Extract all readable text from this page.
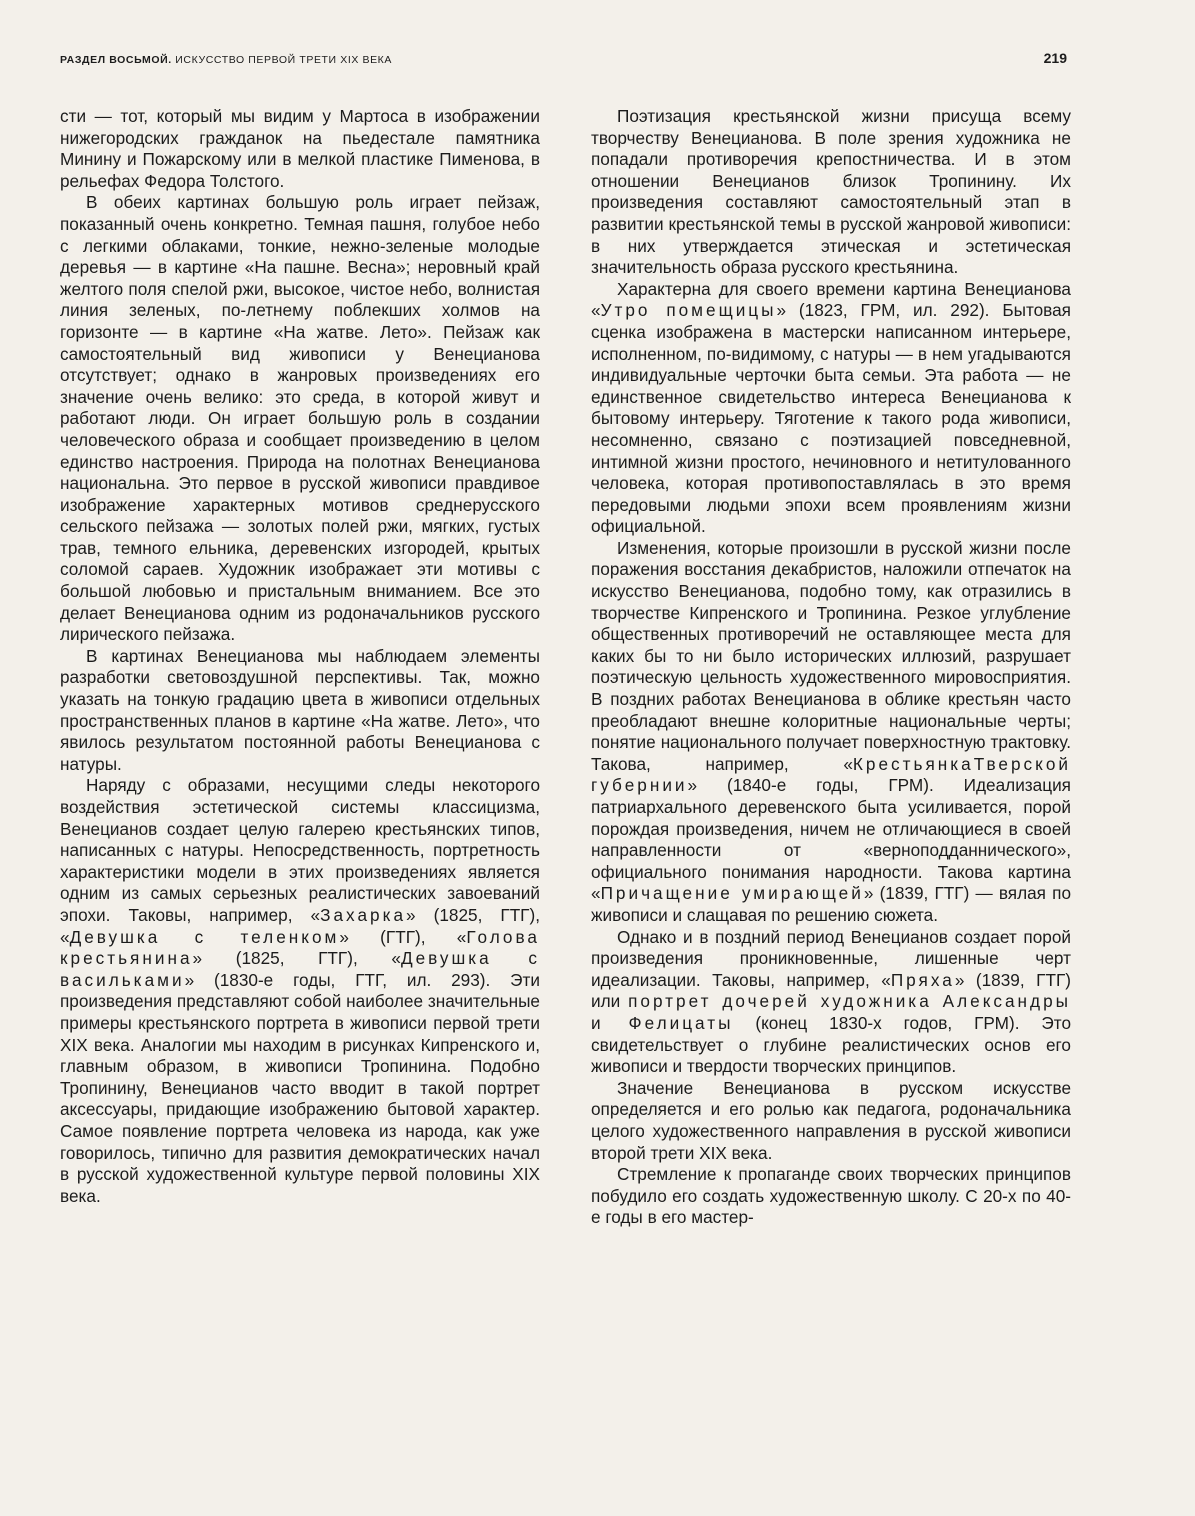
РАЗДЕЛ ВОСЬМОЙ. ИСКУССТВО ПЕРВОЙ ТРЕТИ XIX ВЕКА	219

сти — тот, который мы видим у Мартоса в изображении нижегородских гражданок на пьедестале памятника Минину и Пожарскому или в мелкой пластике Пименова, в рельефах Федора Толстого.

В обеих картинах большую роль играет пейзаж, показанный очень конкретно. Темная пашня, голубое небо с легкими облаками, тонкие, нежно-зеленые молодые деревья — в картине «На пашне. Весна»; неровный край желтого поля спелой ржи, высокое, чистое небо, волнистая линия зеленых, по-летнему поблекших холмов на горизонте — в картине «На жатве. Лето». Пейзаж как самостоятельный вид живописи у Венецианова отсутствует; однако в жанровых произведениях его значение очень велико: это среда, в которой живут и работают люди. Он играет большую роль в создании человеческого образа и сообщает произведению в целом единство настроения. Природа на полотнах Венецианова национальна. Это первое в русской живописи правдивое изображение характерных мотивов среднерусского сельского пейзажа — золотых полей ржи, мягких, густых трав, темного ельника, деревенских изгородей, крытых соломой сараев. Художник изображает эти мотивы с большой любовью и пристальным вниманием. Все это делает Венецианова одним из родоначальников русского лирического пейзажа.

В картинах Венецианова мы наблюдаем элементы разработки световоздушной перспективы. Так, можно указать на тонкую градацию цвета в живописи отдельных пространственных планов в картине «На жатве. Лето», что явилось результатом постоянной работы Венецианова с натуры.

Наряду с образами, несущими следы некоторого воздействия эстетической системы классицизма, Венецианов создает целую галерею крестьянских типов, написанных с натуры. Непосредственность, портретность характеристики модели в этих произведениях является одним из самых серьезных реалистических завоеваний эпохи. Таковы, например, «Захарка» (1825, ГТГ), «Девушка с теленком» (ГТГ), «Голова крестьянина» (1825, ГТГ), «Девушка с васильками» (1830-е годы, ГТГ, ил. 293). Эти произведения представляют собой наиболее значительные примеры крестьянского портрета в живописи первой трети XIX века. Аналогии мы находим в рисунках Кипренского и, главным образом, в живописи Тропинина. Подобно Тропинину, Венецианов часто вводит в такой портрет аксессуары, придающие изображению бытовой характер. Самое появление портрета человека из народа, как уже говорилось, типично для развития демократических начал в русской художественной культуре первой половины XIX века.

Поэтизация крестьянской жизни присуща всему творчеству Венецианова. В поле зрения художника не попадали противоречия крепостничества. И в этом отношении Венецианов близок Тропинину. Их произведения составляют самостоятельный этап в развитии крестьянской темы в русской жанровой живописи: в них утверждается этическая и эстетическая значительность образа русского крестьянина.

Характерна для своего времени картина Венецианова «Утро помещицы» (1823, ГРМ, ил. 292). Бытовая сценка изображена в мастерски написанном интерьере, исполненном, по-видимому, с натуры — в нем угадываются индивидуальные черточки быта семьи. Эта работа — не единственное свидетельство интереса Венецианова к бытовому интерьеру. Тяготение к такого рода живописи, несомненно, связано с поэтизацией повседневной, интимной жизни простого, нечиновного и нетитулованного человека, которая противопоставлялась в это время передовыми людьми эпохи всем проявлениям жизни официальной.

Изменения, которые произошли в русской жизни после поражения восстания декабристов, наложили отпечаток на искусство Венецианова, подобно тому, как отразились в творчестве Кипренского и Тропинина. Резкое углубление общественных противоречий не оставляющее места для каких бы то ни было исторических иллюзий, разрушает поэтическую цельность художественного мировосприятия. В поздних работах Венецианова в облике крестьян часто преобладают внешне колоритные национальные черты; понятие национального получает поверхностную трактовку. Такова, например, «КрестьянкаТверской губернии» (1840-е годы, ГРМ). Идеализация патриархального деревенского быта усиливается, порой порождая произведения, ничем не отличающиеся в своей направленности от «верноподданнического», официального понимания народности. Такова картина «Причащение умирающей» (1839, ГТГ) — вялая по живописи и слащавая по решению сюжета.

Однако и в поздний период Венецианов создает порой произведения проникновенные, лишенные черт идеализации. Таковы, например, «Пряха» (1839, ГТГ) или портрет дочерей художника Александры и Фелицаты (конец 1830-х годов, ГРМ). Это свидетельствует о глубине реалистических основ его живописи и твердости творческих принципов.

Значение Венецианова в русском искусстве определяется и его ролью как педагога, родоначальника целого художественного направления в русской живописи второй трети XIX века.

Стремление к пропаганде своих творческих принципов побудило его создать художественную школу. С 20-х по 40-е годы в его мастер-
